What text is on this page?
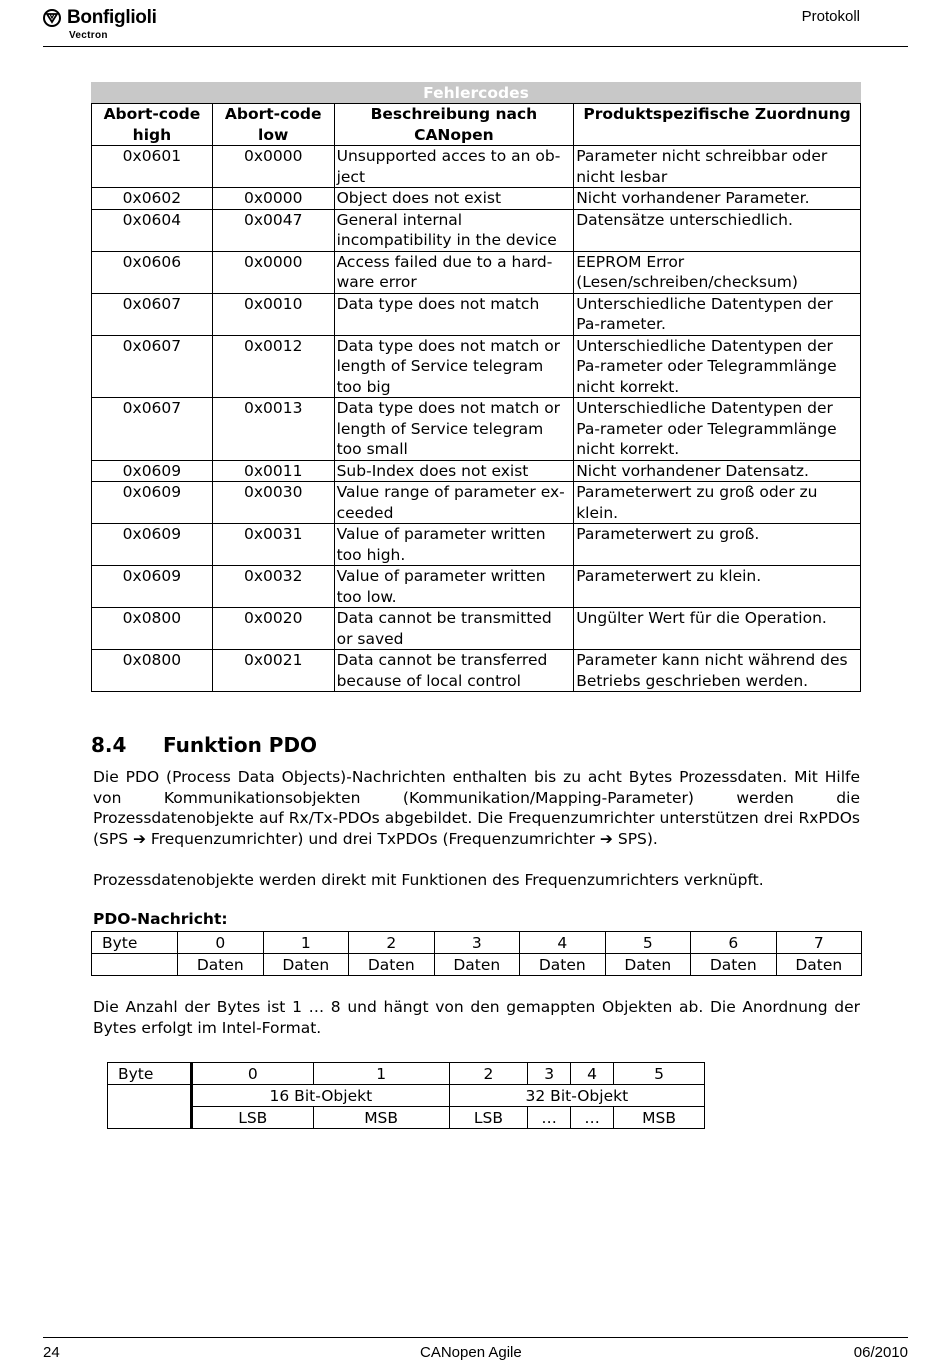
Bonfiglioli
Vectron
Protokoll
Fehlercodes			
Abort-code high	Abort-code low	Beschreibung nach CANopen	Produktspezifische Zuordnung
0x0601	0x0000	Unsupported acces to an ob-ject	Parameter nicht schreibbar oder nicht lesbar
0x0602	0x0000	Object does not exist	Nicht vorhandener Parameter.
0x0604	0x0047	General internal incompatibility in the device	Datensätze unterschiedlich.
0x0606	0x0000	Access failed due to a hard-ware error	EEPROM Error (Lesen/schreiben/checksum)
0x0607	0x0010	Data type does not match	Unterschiedliche Datentypen der Pa-rameter.
0x0607	0x0012	Data type does not match or length of Service telegram too big	Unterschiedliche Datentypen der Pa-rameter oder Telegrammlänge nicht korrekt.
0x0607	0x0013	Data type does not match or length of Service telegram too small	Unterschiedliche Datentypen der Pa-rameter oder Telegrammlänge nicht korrekt.
0x0609	0x0011	Sub-Index does not exist	Nicht vorhandener Datensatz.
0x0609	0x0030	Value range of parameter ex-ceeded	Parameterwert zu groß oder zu klein.
0x0609	0x0031	Value of parameter written too high.	Parameterwert zu groß.
0x0609	0x0032	Value of parameter written too low.	Parameterwert zu klein.
0x0800	0x0020	Data cannot be transmitted or saved	Ungülter Wert für die Operation.
0x0800	0x0021	Data cannot be transferred because of local control	Parameter kann nicht während des Betriebs geschrieben werden.
8.4 Funktion PDO
Die PDO (Process Data Objects)-Nachrichten enthalten bis zu acht Bytes Prozessdaten. Mit Hilfe von Kommunikationsobjekten (Kommunikation/Mapping-Parameter) werden die Prozessdatenobjekte auf Rx/Tx-PDOs abgebildet. Die Frequenzumrichter unterstützen drei RxPDOs (SPS ➔ Frequenzumrichter) und drei TxPDOs (Frequenzumrichter ➔ SPS).
Prozessdatenobjekte werden direkt mit Funktionen des Frequenzumrichters verknüpft.
PDO-Nachricht:
Byte	0	1	2	3	4	5	6	7
	Daten	Daten	Daten	Daten	Daten	Daten	Daten	Daten
Die Anzahl der Bytes ist 1 … 8 und hängt von den gemappten Objekten ab. Die Anordnung der Bytes erfolgt im Intel-Format.
Byte	0	1	2	3	4	5
	16 Bit-Objekt		32 Bit-Objekt			
	LSB	MSB	LSB	…	…	MSB
24	CANopen Agile	06/2010
